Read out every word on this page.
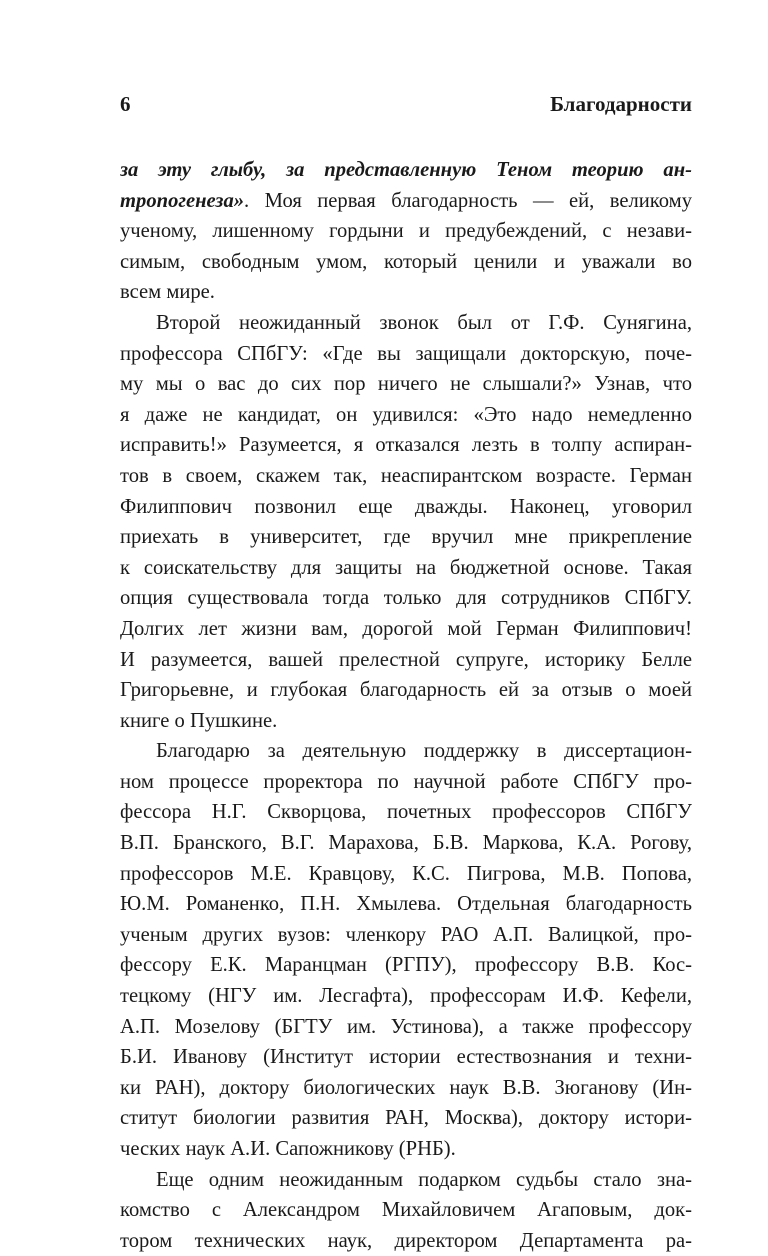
6	Благодарности
за эту глыбу, за представленную Теном теорию ан-
тропогенеза». Моя первая благодарность — ей, великому
ученому, лишенному гордыни и предубеждений, с незави-
симым, свободным умом, который ценили и уважали во
всем мире.
Второй неожиданный звонок был от Г.Ф. Сунягина,
профессора СПбГУ: «Где вы защищали докторскую, поче-
му мы о вас до сих пор ничего не слышали?» Узнав, что
я даже не кандидат, он удивился: «Это надо немедленно
исправить!» Разумеется, я отказался лезть в толпу аспиран-
тов в своем, скажем так, неаспирантском возрасте. Герман
Филиппович позвонил еще дважды. Наконец, уговорил
приехать в университет, где вручил мне прикрепление
к соискательству для защиты на бюджетной основе. Такая
опция существовала тогда только для сотрудников СПбГУ.
Долгих лет жизни вам, дорогой мой Герман Филиппович!
И разумеется, вашей прелестной супруге, историку Белле
Григорьевне, и глубокая благодарность ей за отзыв о моей
книге о Пушкине.
Благодарю за деятельную поддержку в диссертацион-
ном процессе проректора по научной работе СПбГУ про-
фессора Н.Г. Скворцова, почетных профессоров СПбГУ
В.П. Бранского, В.Г. Марахова, Б.В. Маркова, К.А. Рогову,
профессоров М.Е. Кравцову, К.С. Пигрова, М.В. Попова,
Ю.М. Романенко, П.Н. Хмылева. Отдельная благодарность
ученым других вузов: членкору РАО А.П. Валицкой, про-
фессору Е.К. Маранцман (РГПУ), профессору В.В. Кос-
тецкому (НГУ им. Лесгафта), профессорам И.Ф. Кефели,
А.П. Мозелову (БГТУ им. Устинова), а также профессору
Б.И. Иванову (Институт истории естествознания и техни-
ки РАН), доктору биологических наук В.В. Зюганову (Ин-
ститут биологии развития РАН, Москва), доктору истори-
ческих наук А.И. Сапожникову (РНБ).
Еще одним неожиданным подарком судьбы стало зна-
комство с Александром Михайловичем Агаповым, док-
тором технических наук, директором Департамента ра-
